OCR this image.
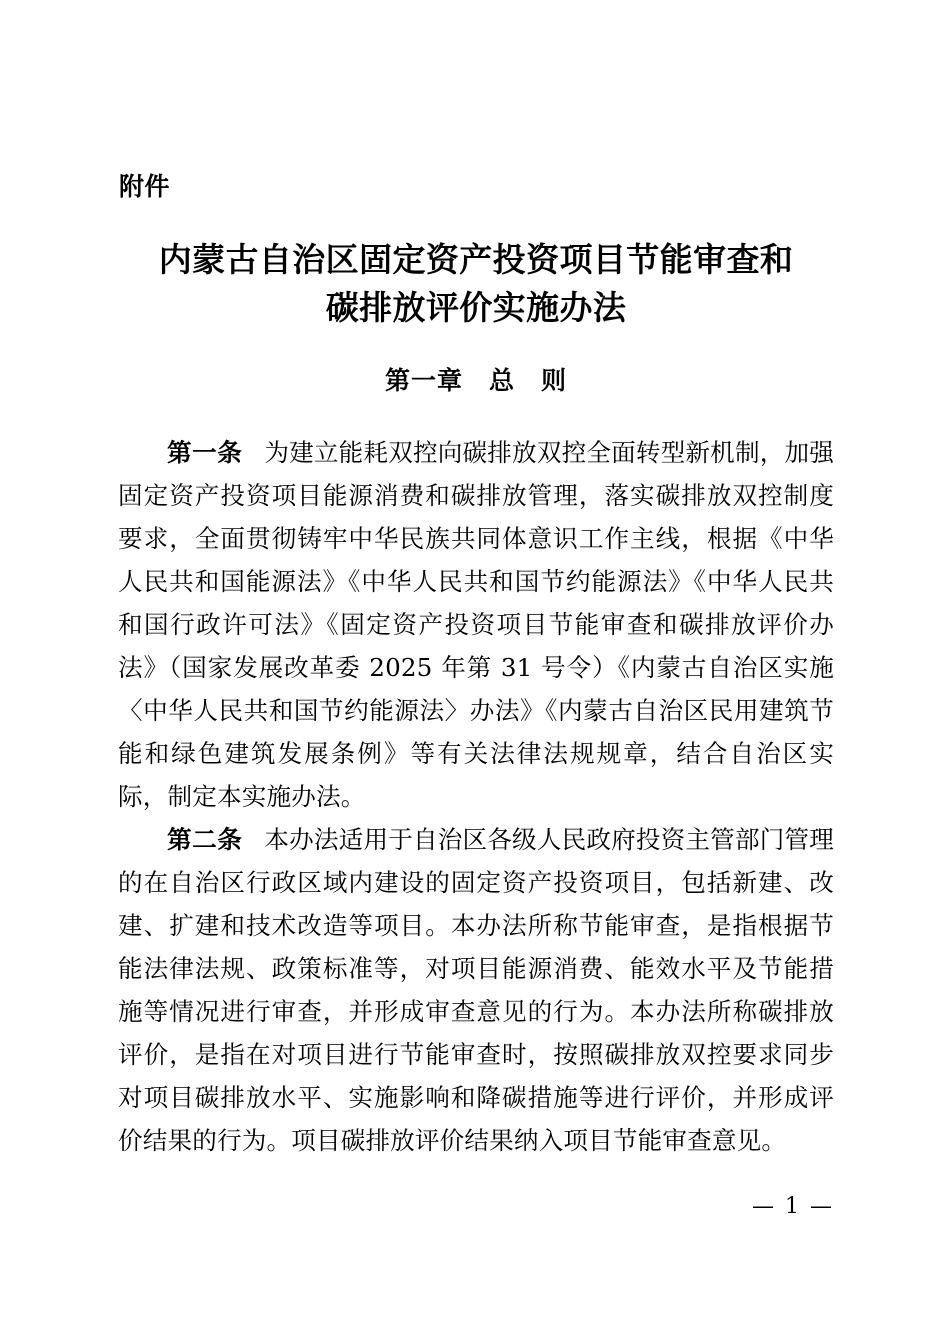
附件
内蒙古自治区固定资产投资项目节能审查和
碳排放评价实施办法
第一章　总　则

第一条 为建立能耗双控向碳排放双控全面转型新机制，加强固定资产投资项目能源消费和碳排放管理，落实碳排放双控制度要求，全面贯彻铸牢中华民族共同体意识工作主线，根据《中华人民共和国能源法》《中华人民共和国节约能源法》《中华人民共和国行政许可法》《固定资产投资项目节能审查和碳排放评价办法》（国家发展改革委 2025 年第 31 号令）《内蒙古自治区实施〈中华人民共和国节约能源法〉办法》《内蒙古自治区民用建筑节能和绿色建筑发展条例》等有关法律法规规章，结合自治区实际，制定本实施办法。

第二条 本办法适用于自治区各级人民政府投资主管部门管理的在自治区行政区域内建设的固定资产投资项目，包括新建、改建、扩建和技术改造等项目。本办法所称节能审查，是指根据节能法律法规、政策标准等，对项目能源消费、能效水平及节能措施等情况进行审查，并形成审查意见的行为。本办法所称碳排放评价，是指在对项目进行节能审查时，按照碳排放双控要求同步对项目碳排放水平、实施影响和降碳措施等进行评价，并形成评价结果的行为。项目碳排放评价结果纳入项目节能审查意见。

— 1 —
